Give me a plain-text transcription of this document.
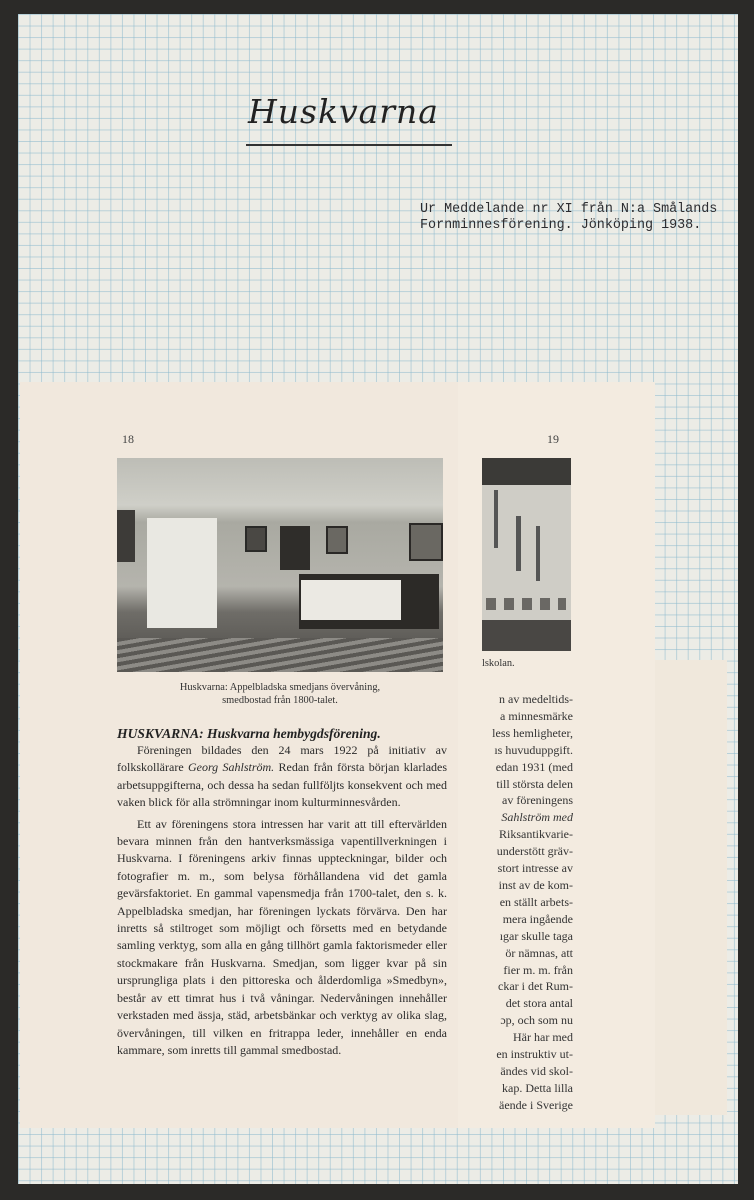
Huskvarna
Ur Meddelande nr XI från N:a Smålands
Fornminnesförening. Jönköping 1938.
18	19
Huskvarna: Appelbladska smedjans övervåning,
smedbostad från 1800-talet.
lskolan.
HUSKVARNA: Huskvarna hembygdsförening.

Föreningen bildades den 24 mars 1922 på initiativ av folkskollärare Georg Sahlström. Redan från första början klarlades arbetsuppgifterna, och dessa ha sedan fullföljts konsekvent och med vaken blick för alla strömningar inom kulturminnesvården.

Ett av föreningens stora intressen har varit att till eftervärlden bevara minnen från den hantverksmässiga vapentillverkningen i Huskvarna. I föreningens arkiv finnas uppteckningar, bilder och fotografier m. m., som belysa förhållandena vid det gamla gevärsfaktoriet. En gammal vapensmedja från 1700-talet, den s. k. Appelbladska smedjan, har föreningen lyckats förvärva. Den har inretts så stiltroget som möjligt och försetts med en betydande samling verktyg, som alla en gång tillhört gamla faktorismeder eller stockmakare från Huskvarna. Smedjan, som ligger kvar på sin ursprungliga plats i den pittoreska och ålderdomliga »Smedbyn», består av ett timrat hus i två våningar. Nedervåningen innehåller verkstaden med ässja, städ, arbetsbänkar och verktyg av olika slag, övervåningen, till vilken en fritrappa leder, innehåller en enda kammare, som inretts till gammal smedbostad.

n av medeltids-
a minnesmärke
less hemligheter,
ıs huvuduppgift.
edan 1931 (med
till största delen
av föreningens
Sahlström med
Riksantikvarie-
understött gräv-
stort intresse av
inst av de kom-
en ställt arbets-
mera ingående
ıgar skulle taga
ör nämnas, att
fier m. m. från
ckar i det Rum-
det stora antal
ɔp, och som nu
Här har med
en instruktiv ut-
ändes vid skol-
kap. Detta lilla
äende i Sverige
